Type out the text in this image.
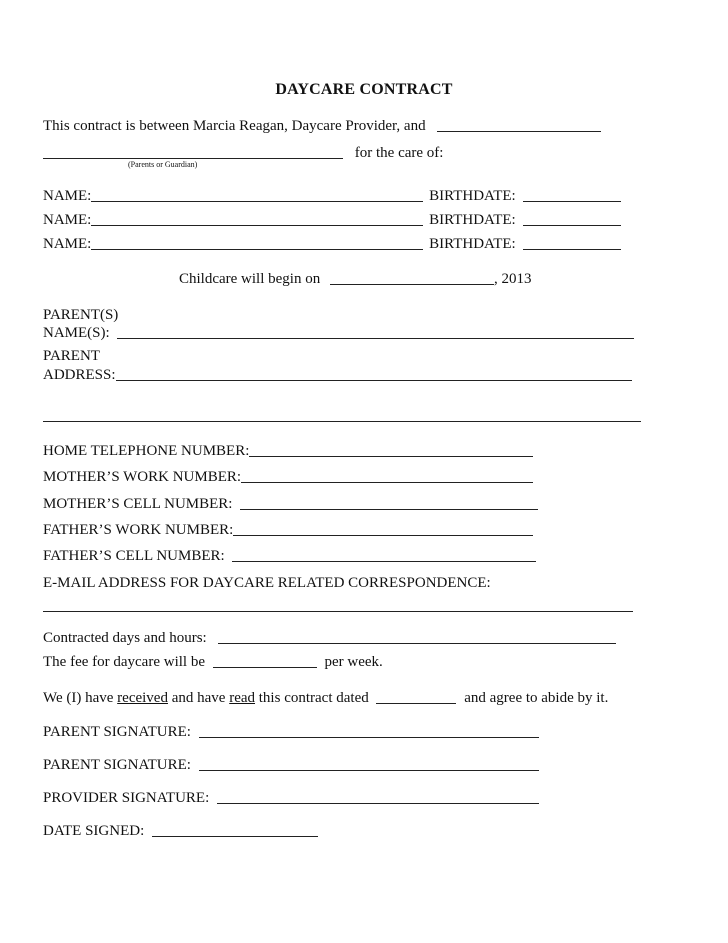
DAYCARE CONTRACT
This contract is between Marcia Reagan, Daycare Provider, and
for the care of:
(Parents or Guardian)
NAME:	BIRTHDATE:
NAME:	BIRTHDATE:
NAME:	BIRTHDATE:
Childcare will begin on	, 2013
PARENT(S)
NAME(S):
PARENT
ADDRESS:
HOME TELEPHONE NUMBER:
MOTHER’S WORK NUMBER:
MOTHER’S CELL NUMBER:
FATHER’S WORK NUMBER:
FATHER’S CELL NUMBER:
E-MAIL ADDRESS FOR DAYCARE RELATED CORRESPONDENCE:
Contracted days and hours:
The fee for daycare will be	per week.
We (I) have received and have read this contract dated	and agree to abide by it.
PARENT SIGNATURE:
PARENT SIGNATURE:
PROVIDER SIGNATURE:
DATE SIGNED:
